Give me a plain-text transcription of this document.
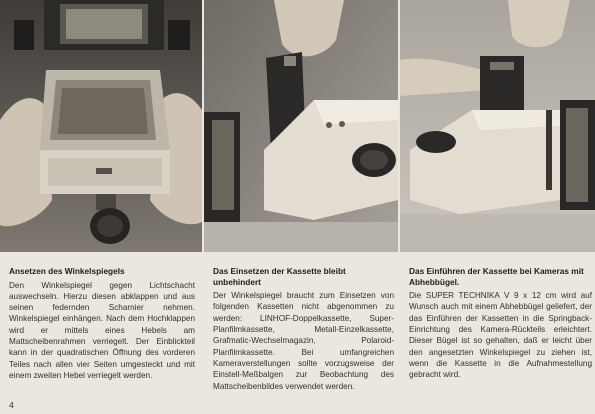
Ansetzen des Winkelspiegels

Den Winkelspiegel gegen Lichtschacht auswechseln. Hierzu diesen abklappen und aus seinen federnden Scharnier nehmen. Winkelspiegel einhängen. Nach dem Hochklappen wird er mittels eines Hebels am Mattscheibenrahmen verriegelt. Der Einblickteil kann in der quadratischen Öffnung des vorderen Teiles nach allen vier Seiten umgesteckt und mit einem zweiten Hebel verriegelt werden.

Das Einsetzen der Kassette bleibt unbehindert

Der Winkelspiegel braucht zum Einsetzen von folgenden Kassetten nicht abgenommen zu werden: LINHOF-Doppelkassette, Super-Planfilmkassette, Metall-Einzelkassette, Grafmatic-Wechselmagazin, Polaroid-Planfilmkassette. Bei umfangreichen Kameraverstellungen sollte vorzugsweise der Einstell-Meßbalgen zur Beobachtung des Mattscheibenbildes verwendet werden.

Das Einführen der Kassette bei Kameras mit Abhebbügel.

Die SUPER TECHNIKA V 9 x 12 cm wird auf Wunsch auch mit einem Abhebbügel geliefert, der das Einführen der Kassetten in die Springback-Einrichtung des Kamera-Rückteils erleichtert. Dieser Bügel ist so gehalten, daß er leicht über den angesetzten Winkelspiegel zu ziehen ist, wenn die Kassette in die Aufnahmestellung gebracht wird.

4
